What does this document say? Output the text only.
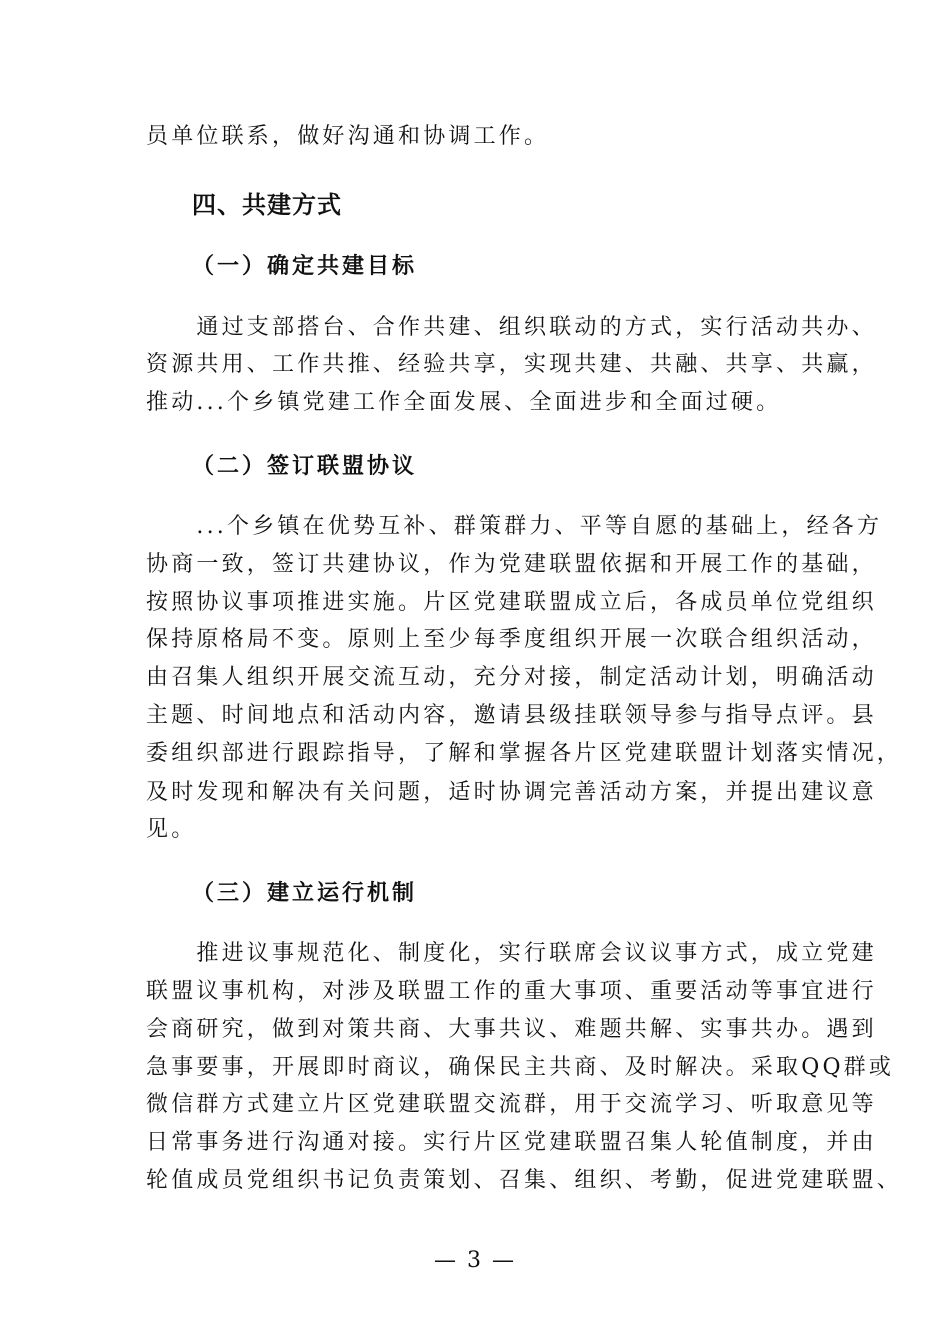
员单位联系，做好沟通和协调工作。
四、共建方式
（一）确定共建目标
　　通过支部搭台、合作共建、组织联动的方式，实行活动共办、
资源共用、工作共推、经验共享，实现共建、共融、共享、共赢，
推动...个乡镇党建工作全面发展、全面进步和全面过硬。
（二）签订联盟协议
　　...个乡镇在优势互补、群策群力、平等自愿的基础上，经各方
协商一致，签订共建协议，作为党建联盟依据和开展工作的基础，
按照协议事项推进实施。片区党建联盟成立后，各成员单位党组织
保持原格局不变。原则上至少每季度组织开展一次联合组织活动，
由召集人组织开展交流互动，充分对接，制定活动计划，明确活动
主题、时间地点和活动内容，邀请县级挂联领导参与指导点评。县
委组织部进行跟踪指导，了解和掌握各片区党建联盟计划落实情况，
及时发现和解决有关问题，适时协调完善活动方案，并提出建议意
见。
（三）建立运行机制
　　推进议事规范化、制度化，实行联席会议议事方式，成立党建
联盟议事机构，对涉及联盟工作的重大事项、重要活动等事宜进行
会商研究，做到对策共商、大事共议、难题共解、实事共办。遇到
急事要事，开展即时商议，确保民主共商、及时解决。采取QQ群或
微信群方式建立片区党建联盟交流群，用于交流学习、听取意见等
日常事务进行沟通对接。实行片区党建联盟召集人轮值制度，并由
轮值成员党组织书记负责策划、召集、组织、考勤，促进党建联盟、
— 3 —
